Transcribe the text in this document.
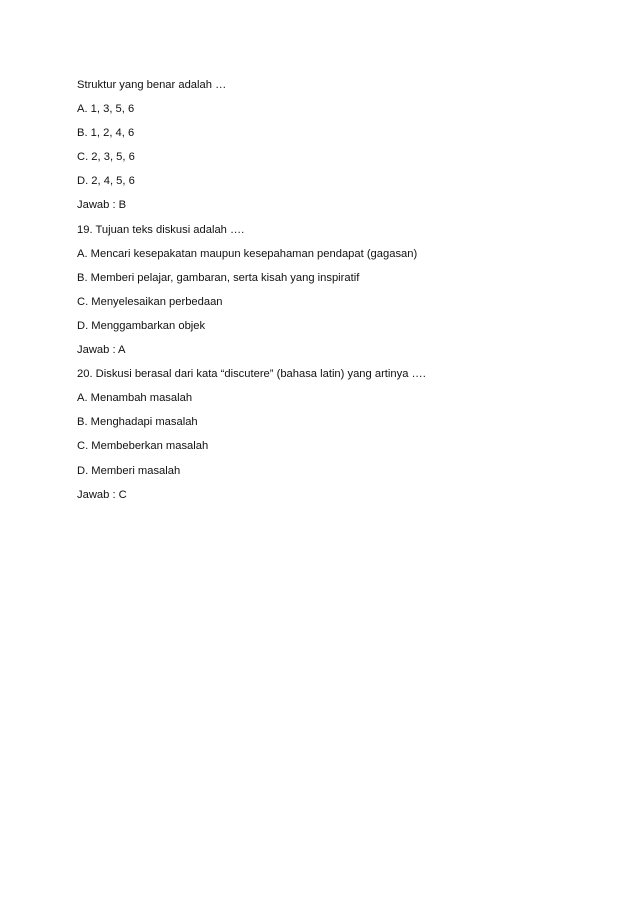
Struktur yang benar adalah …

A. 1, 3, 5, 6

B. 1, 2, 4, 6

C. 2, 3, 5, 6

D. 2, 4, 5, 6

Jawab : B

19. Tujuan teks diskusi adalah ….

A. Mencari kesepakatan maupun kesepahaman pendapat (gagasan)

B. Memberi pelajar, gambaran, serta kisah yang inspiratif

C. Menyelesaikan perbedaan

D. Menggambarkan objek

Jawab : A

20. Diskusi berasal dari kata “discutere” (bahasa latin) yang artinya ….

A. Menambah masalah

B. Menghadapi masalah

C. Membeberkan masalah

D. Memberi masalah

Jawab : C
